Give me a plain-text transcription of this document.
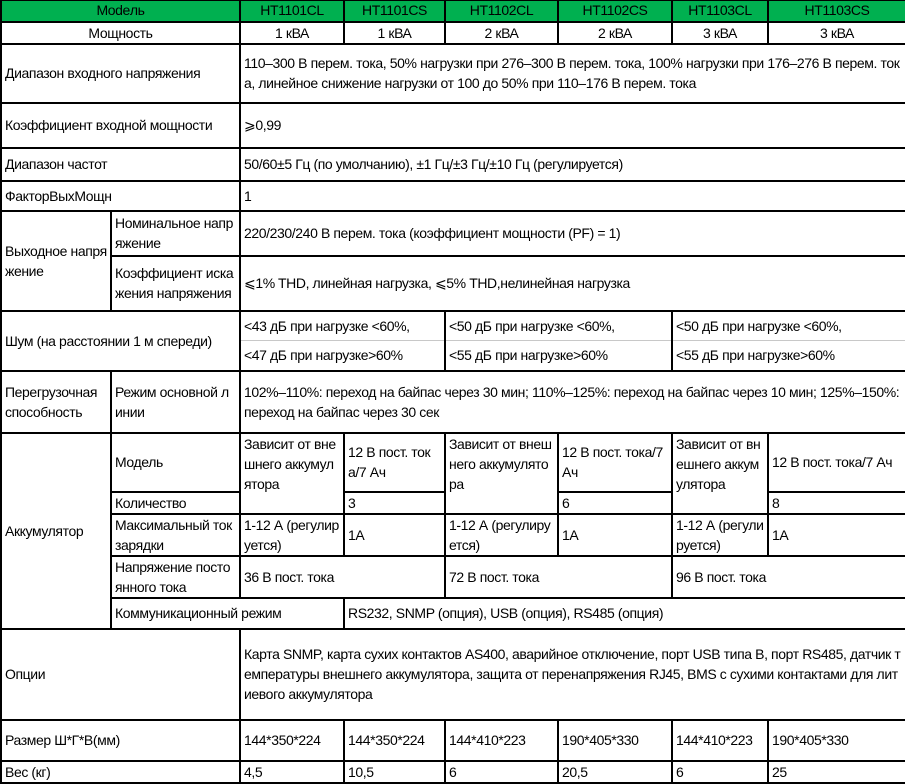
Modeль		HT1101CL	HT1101CS	HT1102CL	HT1102CS	HT1103CL	HT1103CS
Мощность		1 кВА	1 кВА	2 кВА	2 кВА	3 кВА	3 кВА
Диапазон входного напряжения		110–300 В перем. тока, 50% нагрузки при 276–300 В перем. тока, 100% нагрузки при 176–276 В перем. тока, линейное снижение нагрузки от 100 до 50% при 110–176 В перем. тока					
Коэффициент входной мощности		⩾0,99					
Диапазон частот		50/60±5 Гц (по умолчанию), ±1 Гц/±3 Гц/±10 Гц (регулируется)					
ФакторВыхМощн		1					
Выходное напряжение	Номинальное напряжение	220/230/240 В перем. тока (коэффициент мощности (PF) = 1)					
	Коэффициент искажения напряжения	⩽1% THD, линейная нагрузка, ⩽5% THD,нелинейная нагрузка					
Шум (на расстоянии 1 м спереди)		<43 дБ при нагрузке <60%,		<50 дБ при нагрузке <60%,		<50 дБ при нагрузке <60%,	
		<47 дБ при нагрузке>60%		<55 дБ при нагрузке>60%		<55 дБ при нагрузке>60%	
Перегрузочная способность	Режим основной линии	102%–110%: переход на байпас через 30 мин; 110%–125%: переход на байпас через 10 мин; 125%–150%: переход на байпас через 30 сек					
Аккумулятор	Модель	Зависит от внешнего аккумулятора	12 В пост. тока/7 Ач	Зависит от внешнего аккумулятора	12 В пост. тока/7 Ач	Зависит от внешнего аккумулятора	12 В пост. тока/7 Ач
	Количество		3		6		8
	Максимальный ток зарядки	1-12 А (регулируется)	1A	1-12 А (регулируется)	1A	1-12 А (регулируется)	1A
	Напряжение постоянного тока	36 В пост. тока		72 В пост. тока		96 В пост. тока	
	Коммуникационный режим		RS232, SNMP (опция), USB (опция), RS485 (опция)				
Опции		Карта SNMP, карта сухих контактов AS400, аварийное отключение, порт USB типа B, порт RS485, датчик температуры внешнего аккумулятора, защита от перенапряжения RJ45, BMS с сухими контактами для литиевого аккумулятора					
Размер Ш*Г*В(мм)		144*350*224	144*350*224	144*410*223	190*405*330	144*410*223	190*405*330
Вес (кг)		4,5	10,5	6	20,5	6	25
